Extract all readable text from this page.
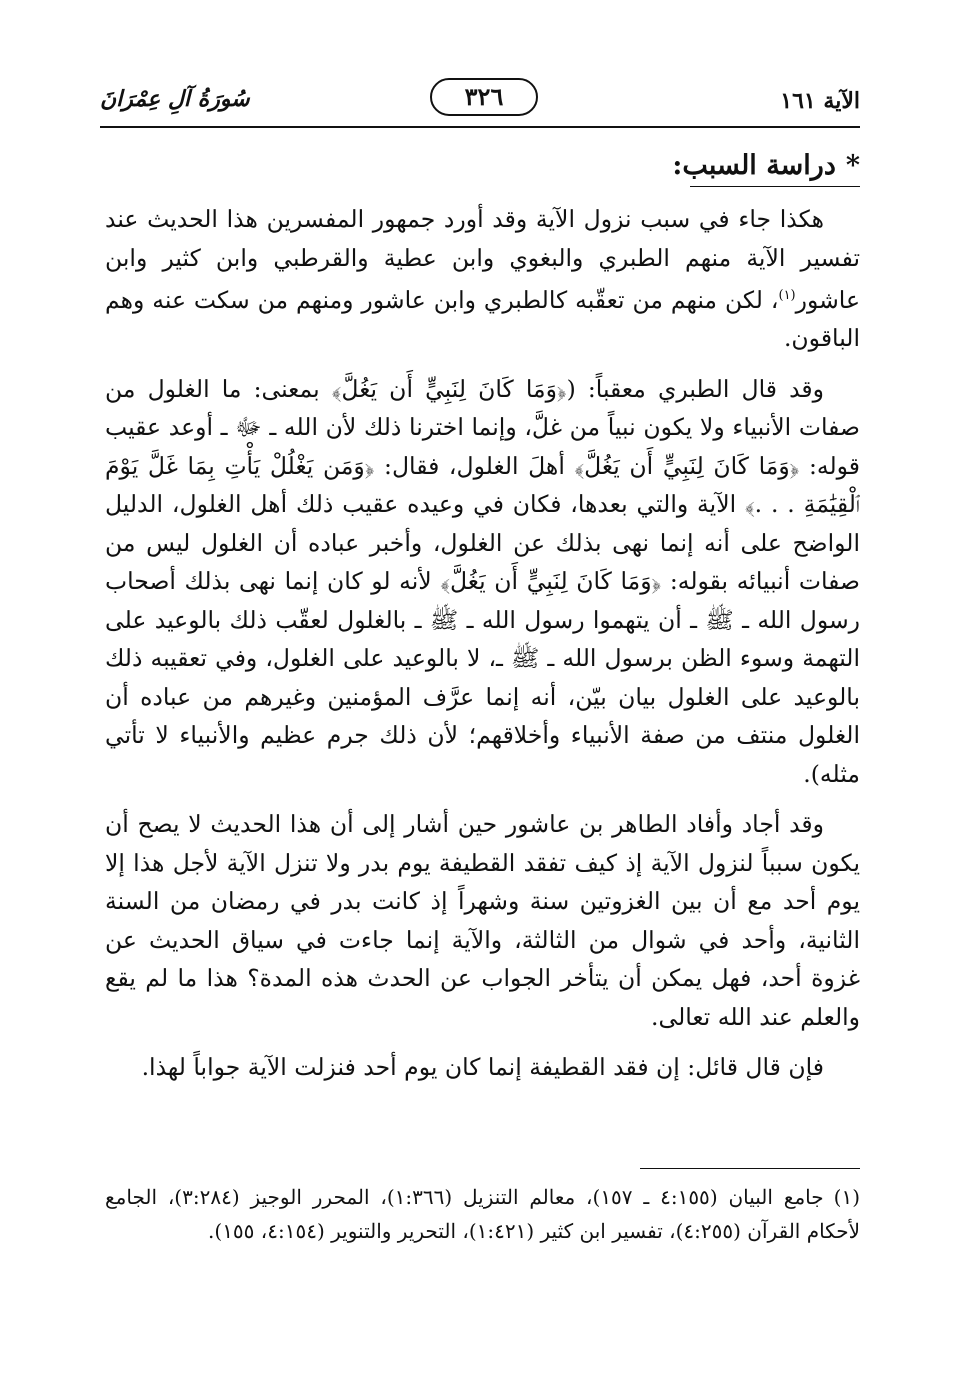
الآية ١٦١
٣٢٦
سُورَةُ آلِ عِمْرَانَ
*دراسة السبب:

هكذا جاء في سبب نزول الآية وقد أورد جمهور المفسرين هذا الحديث عند تفسير الآية منهم الطبري والبغوي وابن عطية والقرطبي وابن كثير وابن عاشور$^{(١)}$، لكن منهم من تعقّبه كالطبري وابن عاشور ومنهم من سكت عنه وهم الباقون.

وقد قال الطبري معقباً: (﴿وَمَا كَانَ لِنَبِيٍّ أَن يَغُلَّ﴾ بمعنى: ما الغلول من صفات الأنبياء ولا يكون نبياً من غلَّ، وإنما اخترنا ذلك لأن الله ـ ﷻ ـ أوعد عقيب قوله: ﴿وَمَا كَانَ لِنَبِيٍّ أَن يَغُلَّ﴾ أهلَ الغلول، فقال: ﴿وَمَن يَغْلُلْ يَأْتِ بِمَا غَلَّ يَوْمَ ٱلْقِيَٰمَةِ . . .﴾ الآية والتي بعدها، فكان في وعيده عقيب ذلك أهل الغلول، الدليل الواضح على أنه إنما نهى بذلك عن الغلول، وأخبر عباده أن الغلول ليس من صفات أنبيائه بقوله: ﴿وَمَا كَانَ لِنَبِيٍّ أَن يَغُلَّ﴾ لأنه لو كان إنما نهى بذلك أصحاب رسول الله ـ ﷺ ـ أن يتهموا رسول الله ـ ﷺ ـ بالغلول لعقّب ذلك بالوعيد على التهمة وسوء الظن برسول الله ـ ﷺ ـ، لا بالوعيد على الغلول، وفي تعقيبه ذلك بالوعيد على الغلول بيان بيّن، أنه إنما عرَّف المؤمنين وغيرهم من عباده أن الغلول منتف من صفة الأنبياء وأخلاقهم؛ لأن ذلك جرم عظيم والأنبياء لا تأتي مثله).

وقد أجاد وأفاد الطاهر بن عاشور حين أشار إلى أن هذا الحديث لا يصح أن يكون سبباً لنزول الآية إذ كيف تفقد القطيفة يوم بدر ولا تنزل الآية لأجل هذا إلا يوم أحد مع أن بين الغزوتين سنة وشهراً إذ كانت بدر في رمضان من السنة الثانية، وأحد في شوال من الثالثة، والآية إنما جاءت في سياق الحديث عن غزوة أحد، فهل يمكن أن يتأخر الجواب عن الحدث هذه المدة؟ هذا ما لم يقع والعلم عند الله تعالى.

فإن قال قائل: إن فقد القطيفة إنما كان يوم أحد فنزلت الآية جواباً لهذا.

(١)جامع البيان (٤:١٥٥ ـ ١٥٧)، معالم التنزيل (١:٣٦٦)، المحرر الوجيز (٣:٢٨٤)، الجامع لأحكام القرآن (٤:٢٥٥)، تفسير ابن كثير (١:٤٢١)، التحرير والتنوير (٤:١٥٤، ١٥٥).
